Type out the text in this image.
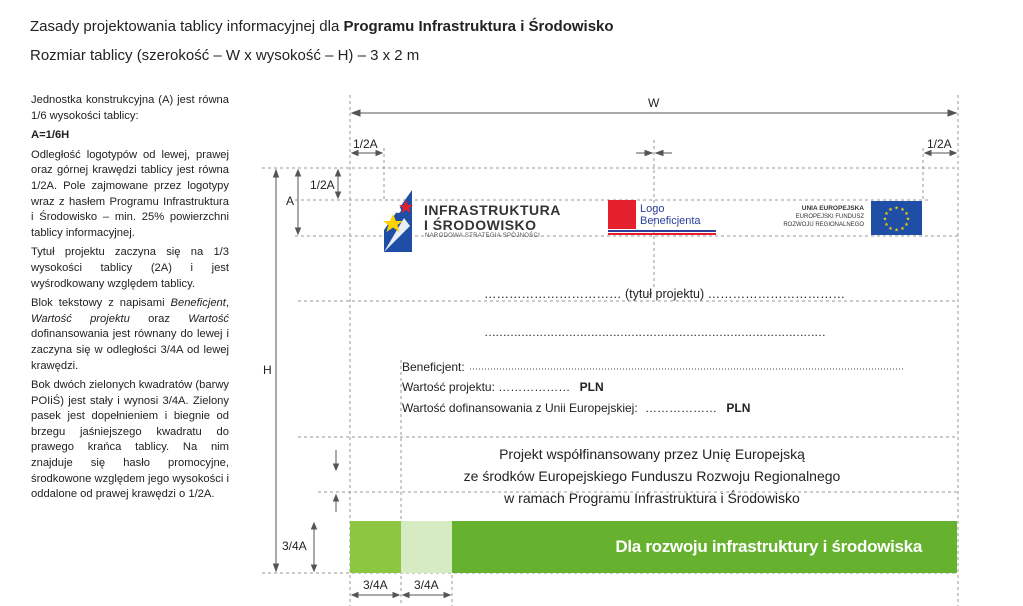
Zasady projektowania tablicy informacyjnej dla Programu Infrastruktura i Środowisko
Rozmiar tablicy (szerokość – W x wysokość – H) – 3 x 2 m

Jednostka konstrukcyjna (A) jest równa 1/6 wysokości tablicy:

A=1/6H

Odległość logotypów od lewej, prawej oraz górnej krawędzi tablicy jest równa 1/2A. Pole zajmowane przez logotypy wraz z hasłem Programu Infrastruktura i Środowisko – min. 25% powierzchni tablicy informacyjnej.

Tytuł projektu zaczyna się na 1/3 wysokości tablicy (2A) i jest wyśrodkowany względem tablicy.

Blok tekstowy z napisami Beneficjent, Wartość projektu oraz Wartość dofinansowania jest równany do lewej i zaczyna się w odległości 3/4A od lewej krawędzi.

Bok dwóch zielonych kwadratów (barwy POIiŚ) jest stały i wynosi 3/4A. Zielony pasek jest dopełnieniem i biegnie od brzegu jaśniejszego kwadratu do prawego krańca tablicy. Na nim znajduje się hasło promocyjne, środkowone względem jego wysokości i oddalone od prawej krawędzi o 1/2A.

W
1/2A	1/2A
1/2A
A
H
3/4A
3/4A 3/4A
INFRASTRUKTURA
I ŚRODOWISKO
NARODOWA STRATEGIA SPÓJNOŚCI
Logo
Beneficjenta
UNIA EUROPEJSKA
EUROPEJSKI FUNDUSZ
ROZWOJU REGIONALNEGO
★ ★
★
★
★
★
★
★
★
★
★
★
…………………………… (tytuł projektu) ……………………………
…………………………………………………………………………………
Beneficjent:
Wartość projektu: ……………… PLN
Wartość dofinansowania z Unii Europejskiej: ……………… PLN
Projekt współfinansowany przez Unię Europejską
ze środków Europejskiego Funduszu Rozwoju Regionalnego
w ramach Programu Infrastruktura i Środowisko
Dla rozwoju infrastruktury i środowiska
